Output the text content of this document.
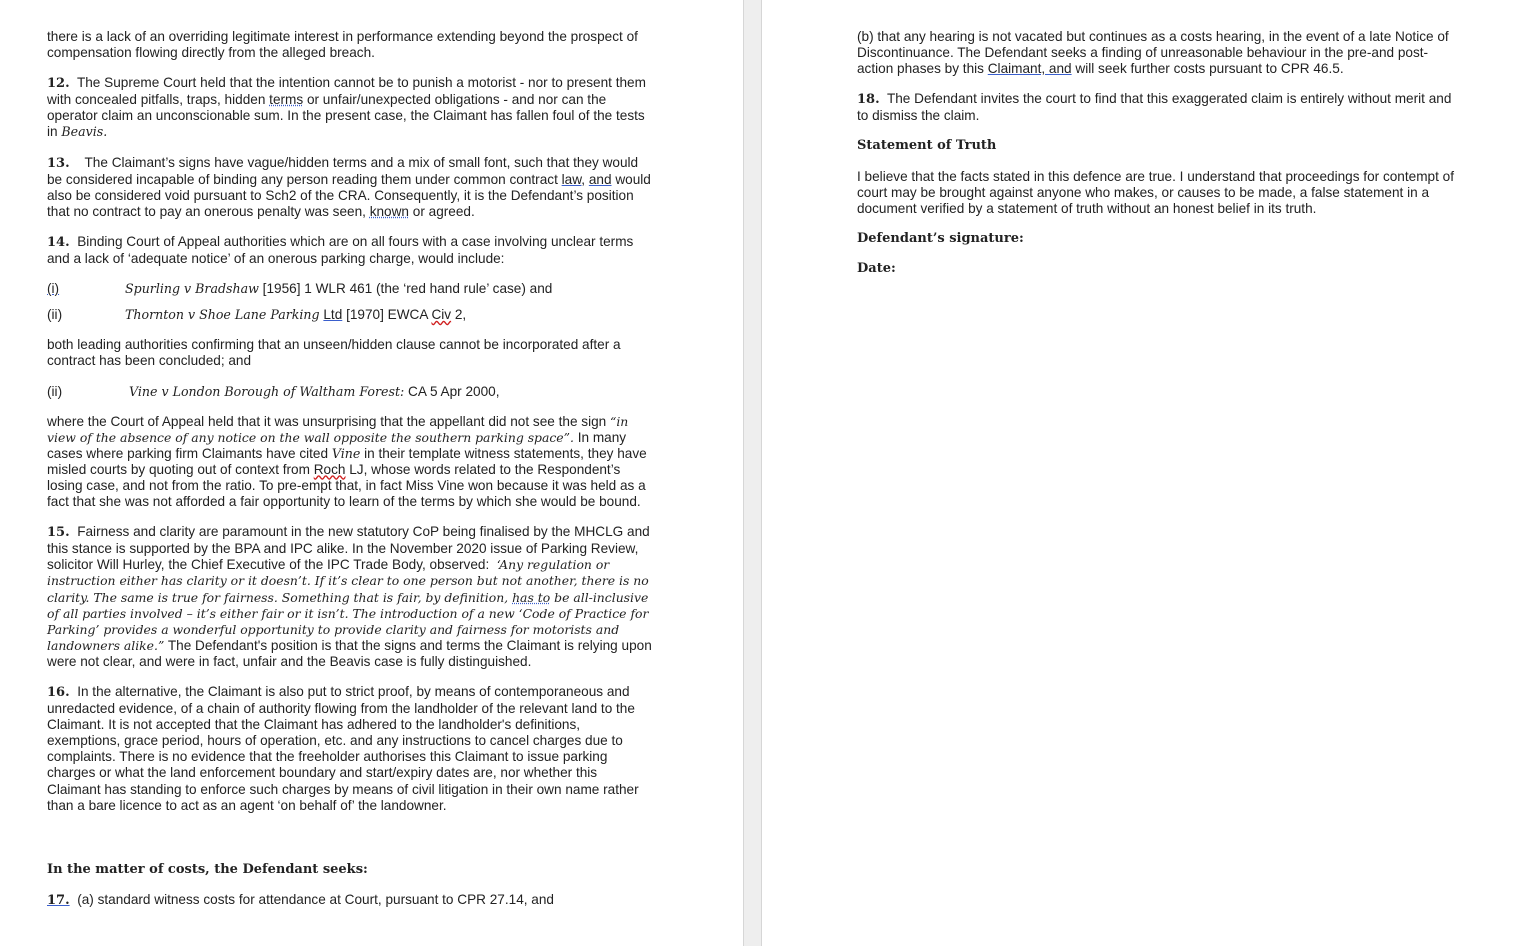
there is a lack of an overriding legitimate interest in performance extending beyond the prospect of compensation flowing directly from the alleged breach.

12. The Supreme Court held that the intention cannot be to punish a motorist - nor to present them with concealed pitfalls, traps, hidden terms or unfair/unexpected obligations - and nor can the operator claim an unconscionable sum. In the present case, the Claimant has fallen foul of the tests in Beavis.

13. The Claimant’s signs have vague/hidden terms and a mix of small font, such that they would be considered incapable of binding any person reading them under common contract law, and would also be considered void pursuant to Sch2 of the CRA. Consequently, it is the Defendant’s position that no contract to pay an onerous penalty was seen, known or agreed.

14. Binding Court of Appeal authorities which are on all fours with a case involving unclear terms and a lack of ‘adequate notice’ of an onerous parking charge, would include:

(i)	Spurling v Bradshaw [1956] 1 WLR 461 (the ‘red hand rule’ case) and
(ii)	Thornton v Shoe Lane Parking Ltd [1970] EWCA Civ 2,

both leading authorities confirming that an unseen/hidden clause cannot be incorporated after a contract has been concluded; and

(ii)	Vine v London Borough of Waltham Forest: CA 5 Apr 2000,

where the Court of Appeal held that it was unsurprising that the appellant did not see the sign “in view of the absence of any notice on the wall opposite the southern parking space”. In many cases where parking firm Claimants have cited Vine in their template witness statements, they have misled courts by quoting out of context from Roch LJ, whose words related to the Respondent’s losing case, and not from the ratio. To pre-empt that, in fact Miss Vine won because it was held as a fact that she was not afforded a fair opportunity to learn of the terms by which she would be bound.

15. Fairness and clarity are paramount in the new statutory CoP being finalised by the MHCLG and this stance is supported by the BPA and IPC alike. In the November 2020 issue of Parking Review, solicitor Will Hurley, the Chief Executive of the IPC Trade Body, observed: ‘Any regulation or instruction either has clarity or it doesn’t. If it’s clear to one person but not another, there is no clarity. The same is true for fairness. Something that is fair, by definition, has to be all-inclusive of all parties involved – it’s either fair or it isn’t. The introduction of a new ‘Code of Practice for Parking’ provides a wonderful opportunity to provide clarity and fairness for motorists and landowners alike.” The Defendant's position is that the signs and terms the Claimant is relying upon were not clear, and were in fact, unfair and the Beavis case is fully distinguished.

16. In the alternative, the Claimant is also put to strict proof, by means of contemporaneous and unredacted evidence, of a chain of authority flowing from the landholder of the relevant land to the Claimant. It is not accepted that the Claimant has adhered to the landholder's definitions, exemptions, grace period, hours of operation, etc. and any instructions to cancel charges due to complaints. There is no evidence that the freeholder authorises this Claimant to issue parking charges or what the land enforcement boundary and start/expiry dates are, nor whether this Claimant has standing to enforce such charges by means of civil litigation in their own name rather than a bare licence to act as an agent ‘on behalf of’ the landowner.

In the matter of costs, the Defendant seeks:

17. (a) standard witness costs for attendance at Court, pursuant to CPR 27.14, and

(b) that any hearing is not vacated but continues as a costs hearing, in the event of a late Notice of Discontinuance. The Defendant seeks a finding of unreasonable behaviour in the pre-and post-action phases by this Claimant, and will seek further costs pursuant to CPR 46.5.

18. The Defendant invites the court to find that this exaggerated claim is entirely without merit and to dismiss the claim.

Statement of Truth

I believe that the facts stated in this defence are true. I understand that proceedings for contempt of court may be brought against anyone who makes, or causes to be made, a false statement in a document verified by a statement of truth without an honest belief in its truth.

Defendant’s signature:

Date:
